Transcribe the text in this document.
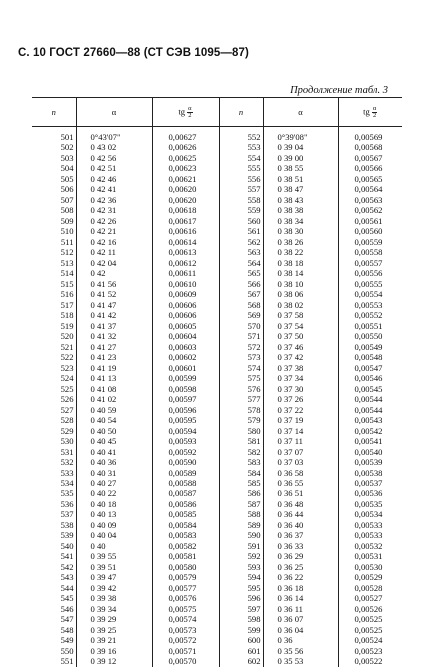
С. 10 ГОСТ 27660—88 (СТ СЭВ 1095—87)
Продолжение табл. 3
n	α	tg $\frac{\alpha}{2}$	n	α	tg $\frac{\alpha}{2}$

501	0°43'07"	0,00627	552	0°39'08"	0,00569
502	0 43 02	0,00626	553	0 39 04	0,00568
503	0 42 56	0,00625	554	0 39 00	0,00567
504	0 42 51	0,00623	555	0 38 55	0,00566
505	0 42 46	0,00621	556	0 38 51	0,00565
506	0 42 41	0,00620	557	0 38 47	0,00564
507	0 42 36	0,00620	558	0 38 43	0,00563
508	0 42 31	0,00618	559	0 38 38	0,00562
509	0 42 26	0,00617	560	0 38 34	0,00561
510	0 42 21	0,00616	561	0 38 30	0,00560
511	0 42 16	0,00614	562	0 38 26	0,00559
512	0 42 11	0,00613	563	0 38 22	0,00558
513	0 42 04	0,00612	564	0 38 18	0,00557
514	0 42	0,00611	565	0 38 14	0,00556
515	0 41 56	0,00610	566	0 38 10	0,00555
516	0 41 52	0,00609	567	0 38 06	0,00554
517	0 41 47	0,00606	568	0 38 02	0,00553
518	0 41 42	0,00606	569	0 37 58	0,00552
519	0 41 37	0,00605	570	0 37 54	0,00551
520	0 41 32	0,00604	571	0 37 50	0,00550
521	0 41 27	0,00603	572	0 37 46	0,00549
522	0 41 23	0,00602	573	0 37 42	0,00548
523	0 41 19	0,00601	574	0 37 38	0,00547
524	0 41 13	0,00599	575	0 37 34	0,00546
525	0 41 08	0,00598	576	0 37 30	0,00545
526	0 41 02	0,00597	577	0 37 26	0,00544
527	0 40 59	0,00596	578	0 37 22	0,00544
528	0 40 54	0,00595	579	0 37 19	0,00543
529	0 40 50	0,00594	580	0 37 14	0,00542
530	0 40 45	0,00593	581	0 37 11	0,00541
531	0 40 41	0,00592	582	0 37 07	0,00540
532	0 40 36	0,00590	583	0 37 03	0,00539
533	0 40 31	0,00589	584	0 36 58	0,00538
534	0 40 27	0,00588	585	0 36 55	0,00537
535	0 40 22	0,00587	586	0 36 51	0,00536
536	0 40 18	0,00586	587	0 36 48	0,00535
537	0 40 13	0,00585	588	0 36 44	0,00534
538	0 40 09	0,00584	589	0 36 40	0,00533
539	0 40 04	0,00583	590	0 36 37	0,00533
540	0 40	0,00582	591	0 36 33	0,00532
541	0 39 55	0,00581	592	0 36 29	0,00531
542	0 39 51	0,00580	593	0 36 25	0,00530
543	0 39 47	0,00579	594	0 36 22	0,00529
544	0 39 42	0,00577	595	0 36 18	0,00528
545	0 39 38	0,00576	596	0 36 14	0,00527
546	0 39 34	0,00575	597	0 36 11	0,00526
547	0 39 29	0,00574	598	0 36 07	0,00525
548	0 39 25	0,00573	599	0 36 04	0,00525
549	0 39 21	0,00572	600	0 36	0,00524
550	0 39 16	0,00571	601	0 35 56	0,00523
551	0 39 12	0,00570	602	0 35 53	0,00522
